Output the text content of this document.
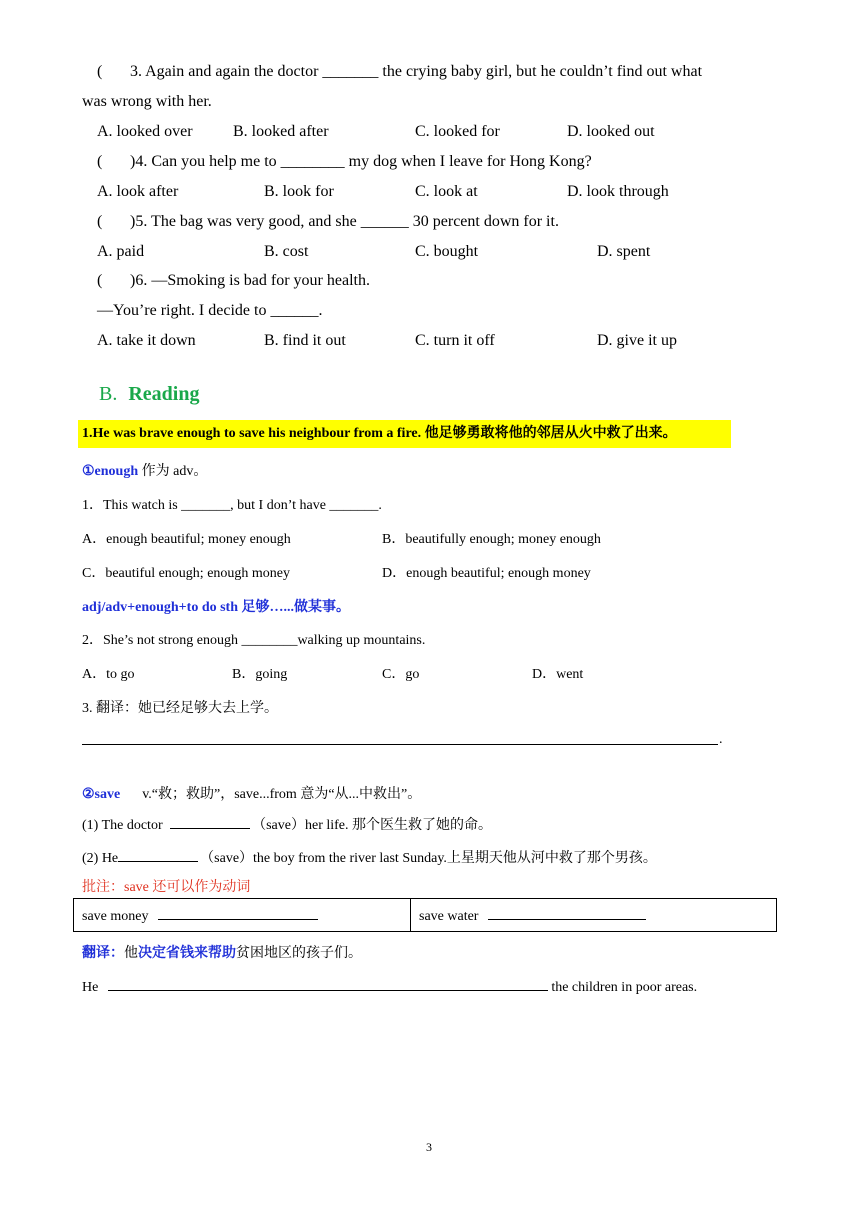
( 3. Again and again the doctor _______ the crying baby girl, but he couldn’t find out what
was wrong with her.
A. looked over	B. looked after	C. looked for	D. looked out
( )4. Can you help me to ________ my dog when I leave for Hong Kong?
A. look after	B. look for	C. look at	D. look through
( )5. The bag was very good, and she ______ 30 percent down for it.
A. paid	B. cost	C. bought	D. spent
( )6. —Smoking is bad for your health.
—You’re right. I decide to ______.
A. take it down	B. find it out	C. turn it off	D. give it up
B. Reading
1.He was brave enough to save his neighbour from a fire. 他足够勇敢将他的邻居从火中救了出来。
①enough 作为 adv。
1．This watch is _______, but I don’t have _______.
A．enough beautiful; money enough	B．beautifully enough; money enough
C．beautiful enough; enough money	D．enough beautiful; enough money
adj/adv+enough+to do sth 足够…...做某事。
2．She’s not strong enough ________walking up mountains.
A．to go	B．going	C．go	D．went
3. 翻译：她已经足够大去上学。
.
②save v.“救；救助”，save...from 意为“从...中救出”。
(1) The doctor	（save）her life. 那个医生救了她的命。
(2) He	（save）the boy from the river last Sunday.上星期天他从河中救了那个男孩。
批注：save 还可以作为动词
save money	save water
翻译：他决定省钱来帮助贫困地区的孩子们。
He	the children in poor areas.
3
